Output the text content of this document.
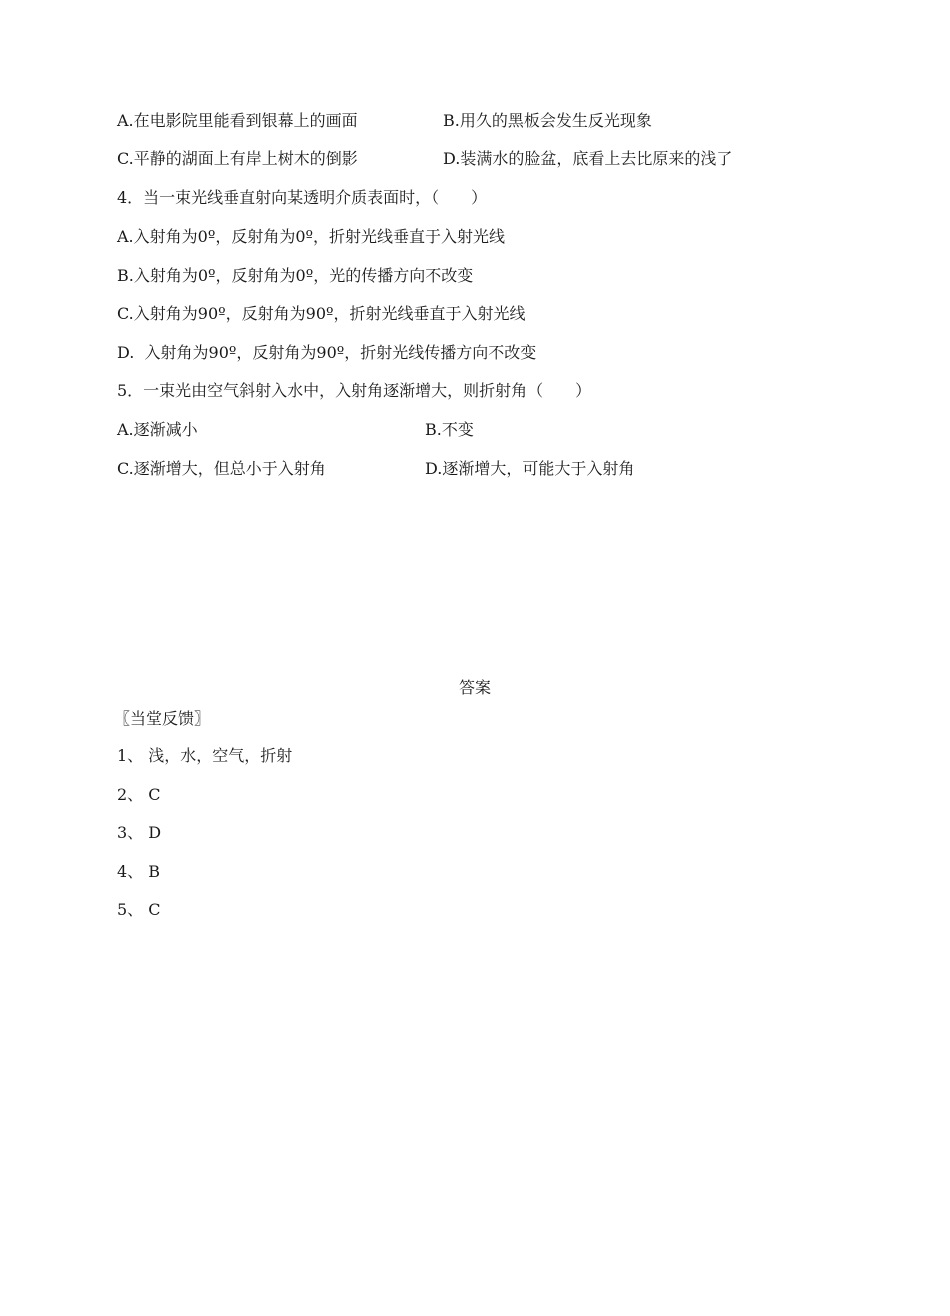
A.在电影院里能看到银幕上的画面	B.用久的黑板会发生反光现象
C.平静的湖面上有岸上树木的倒影	D.装满水的脸盆，底看上去比原来的浅了
4．当一束光线垂直射向某透明介质表面时，（　　）
A.入射角为0º，反射角为0º，折射光线垂直于入射光线
B.入射角为0º，反射角为0º，光的传播方向不改变
C.入射角为90º，反射角为90º，折射光线垂直于入射光线
D.  入射角为90º，反射角为90º，折射光线传播方向不改变
5．一束光由空气斜射入水中，入射角逐渐增大，则折射角（　　）
A.逐渐减小	B.不变
C.逐渐增大，但总小于入射角	D.逐渐增大，可能大于入射角
答案
〖当堂反馈〗
1、 浅，水，空气，折射
2、 C
3、 D
4、 B
5、 C
